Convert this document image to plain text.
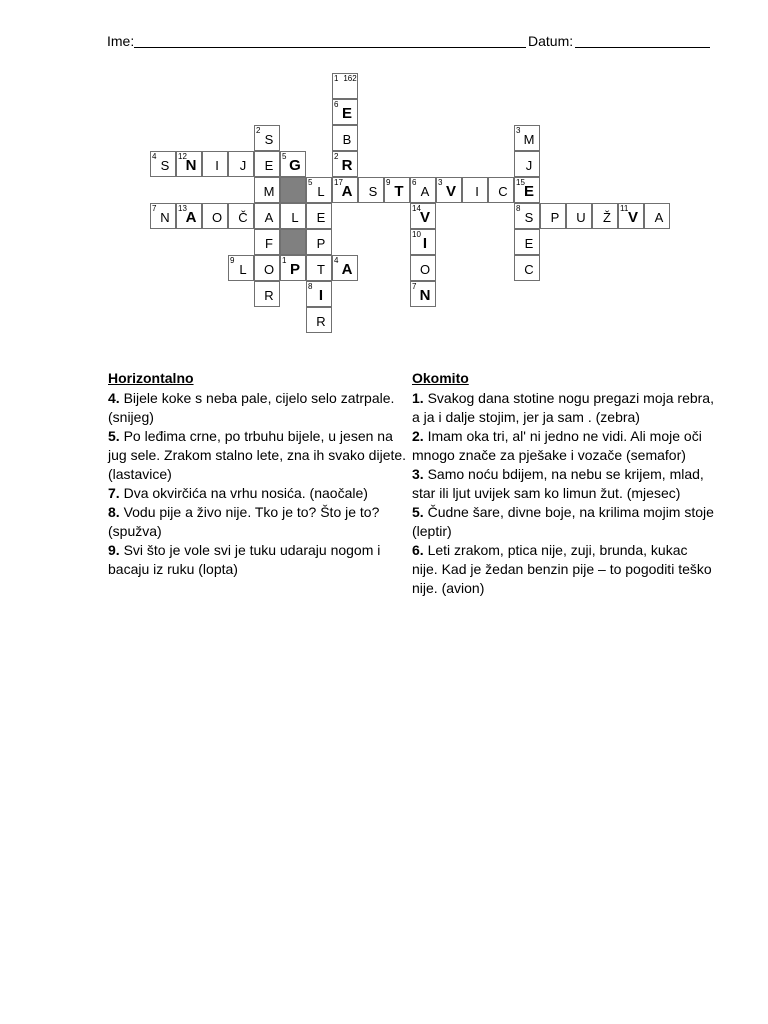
Ime:	Datum:
1 162
6 E
2
S	B
3
M
4
S
12
N I J E
5 G	2 R	J
M
5
L
17
A S
9 T 6
A
3 V I C
15 E
7
N
13
A O Č A L E
14 V	8
S P U Ž
11 V A
F	P
10 I	E
9
L O
1 P T
4 A	O	C
R
8 I	7 N
R
Horizontalno

4. Bijele koke s neba pale, cijelo selo zatrpale. (snijeg)

5. Po leđima crne, po trbuhu bijele, u jesen na jug sele. Zrakom stalno lete, zna ih svako dijete. (lastavice)

7. Dva okvirčića na vrhu nosića. (naočale)

8. Vodu pije a živo nije. Tko je to? Što je to? (spužva)

9. Svi što je vole svi je tuku udaraju nogom i bacaju iz ruku (lopta)

Okomito

1. Svakog dana stotine nogu pregazi moja rebra, a ja i dalje stojim, jer ja sam . (zebra)

2. Imam oka tri, al' ni jedno ne vidi. Ali moje oči mnogo znače za pješake i vozače (semafor)

3. Samo noću bdijem, na nebu se krijem, mlad, star ili ljut uvijek sam ko limun žut. (mjesec)

5. Čudne šare, divne boje, na krilima mojim stoje (leptir)

6. Leti zrakom, ptica nije, zuji, brunda, kukac nije. Kad je žedan benzin pije – to pogoditi teško nije. (avion)
